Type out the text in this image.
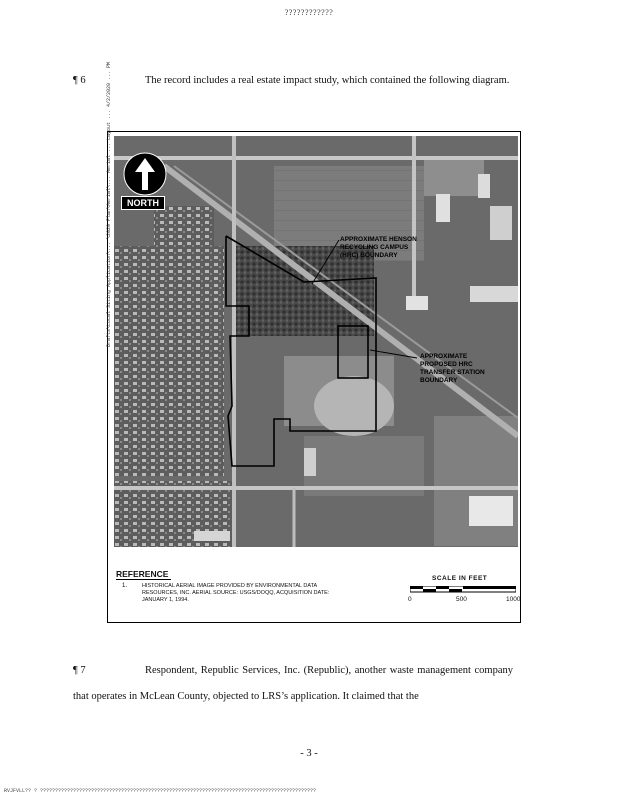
????????????
¶ 6	The record includes a real estate impact study, which contained the following diagram.
NORTH
APPROXIMATE HENSON
RECYCLING CAMPUS
(HRC) BOUNDARY
APPROXIMATE
PROPOSED HRC
TRANSFER STATION
BOUNDARY
Drafts\Local Siting Application\... \2020 Plan\Aerial\... Aerial ... Layout ... 4/2/2020 ... PM
REFERENCE
1.	HISTORICAL AERIAL IMAGE PROVIDED BY ENVIRONMENTAL DATA RESOURCES, INC. AERIAL SOURCE: USGS/DOQQ, ACQUISITION DATE: JANUARY 1, 1994.
SCALE IN FEET
0	500	1000
¶ 7	Respondent, Republic Services, Inc. (Republic), another waste management company that operates in McLean County, objected to LRS’s application. It claimed that the
- 3 -
RVJFVLL?? ? ????????????????????????????????????????????????????????????????????????????????????????????
